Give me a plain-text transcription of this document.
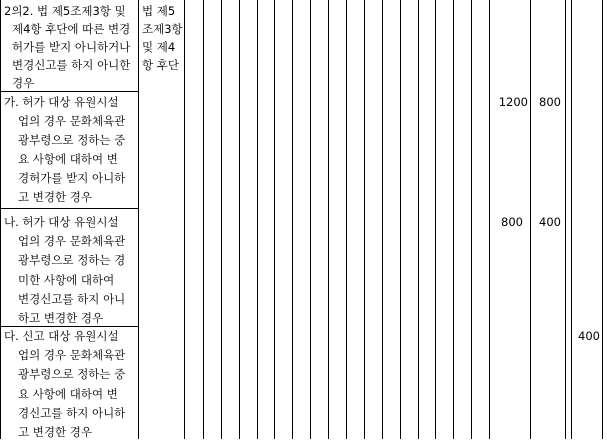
2의2. 법 제5조제3항 및
제4항 후단에 따른 변경
허가를 받지 아니하거나
변경신고를 하지 아니한
경우
법 제5
조제3항
및 제4
항 후단
가. 허가 대상 유원시설
업의 경우 문화체육관
광부령으로 정하는 중
요 사항에 대하여 변
경허가를 받지 아니하
고 변경한 경우
1200 800
나. 허가 대상 유원시설
업의 경우 문화체육관
광부령으로 정하는 경
미한 사항에 대하여
변경신고를 하지 아니
하고 변경한 경우
800	400
다. 신고 대상 유원시설
업의 경우 문화체육관
광부령으로 정하는 중
요 사항에 대하여 변
경신고를 하지 아니하
고 변경한 경우
400
